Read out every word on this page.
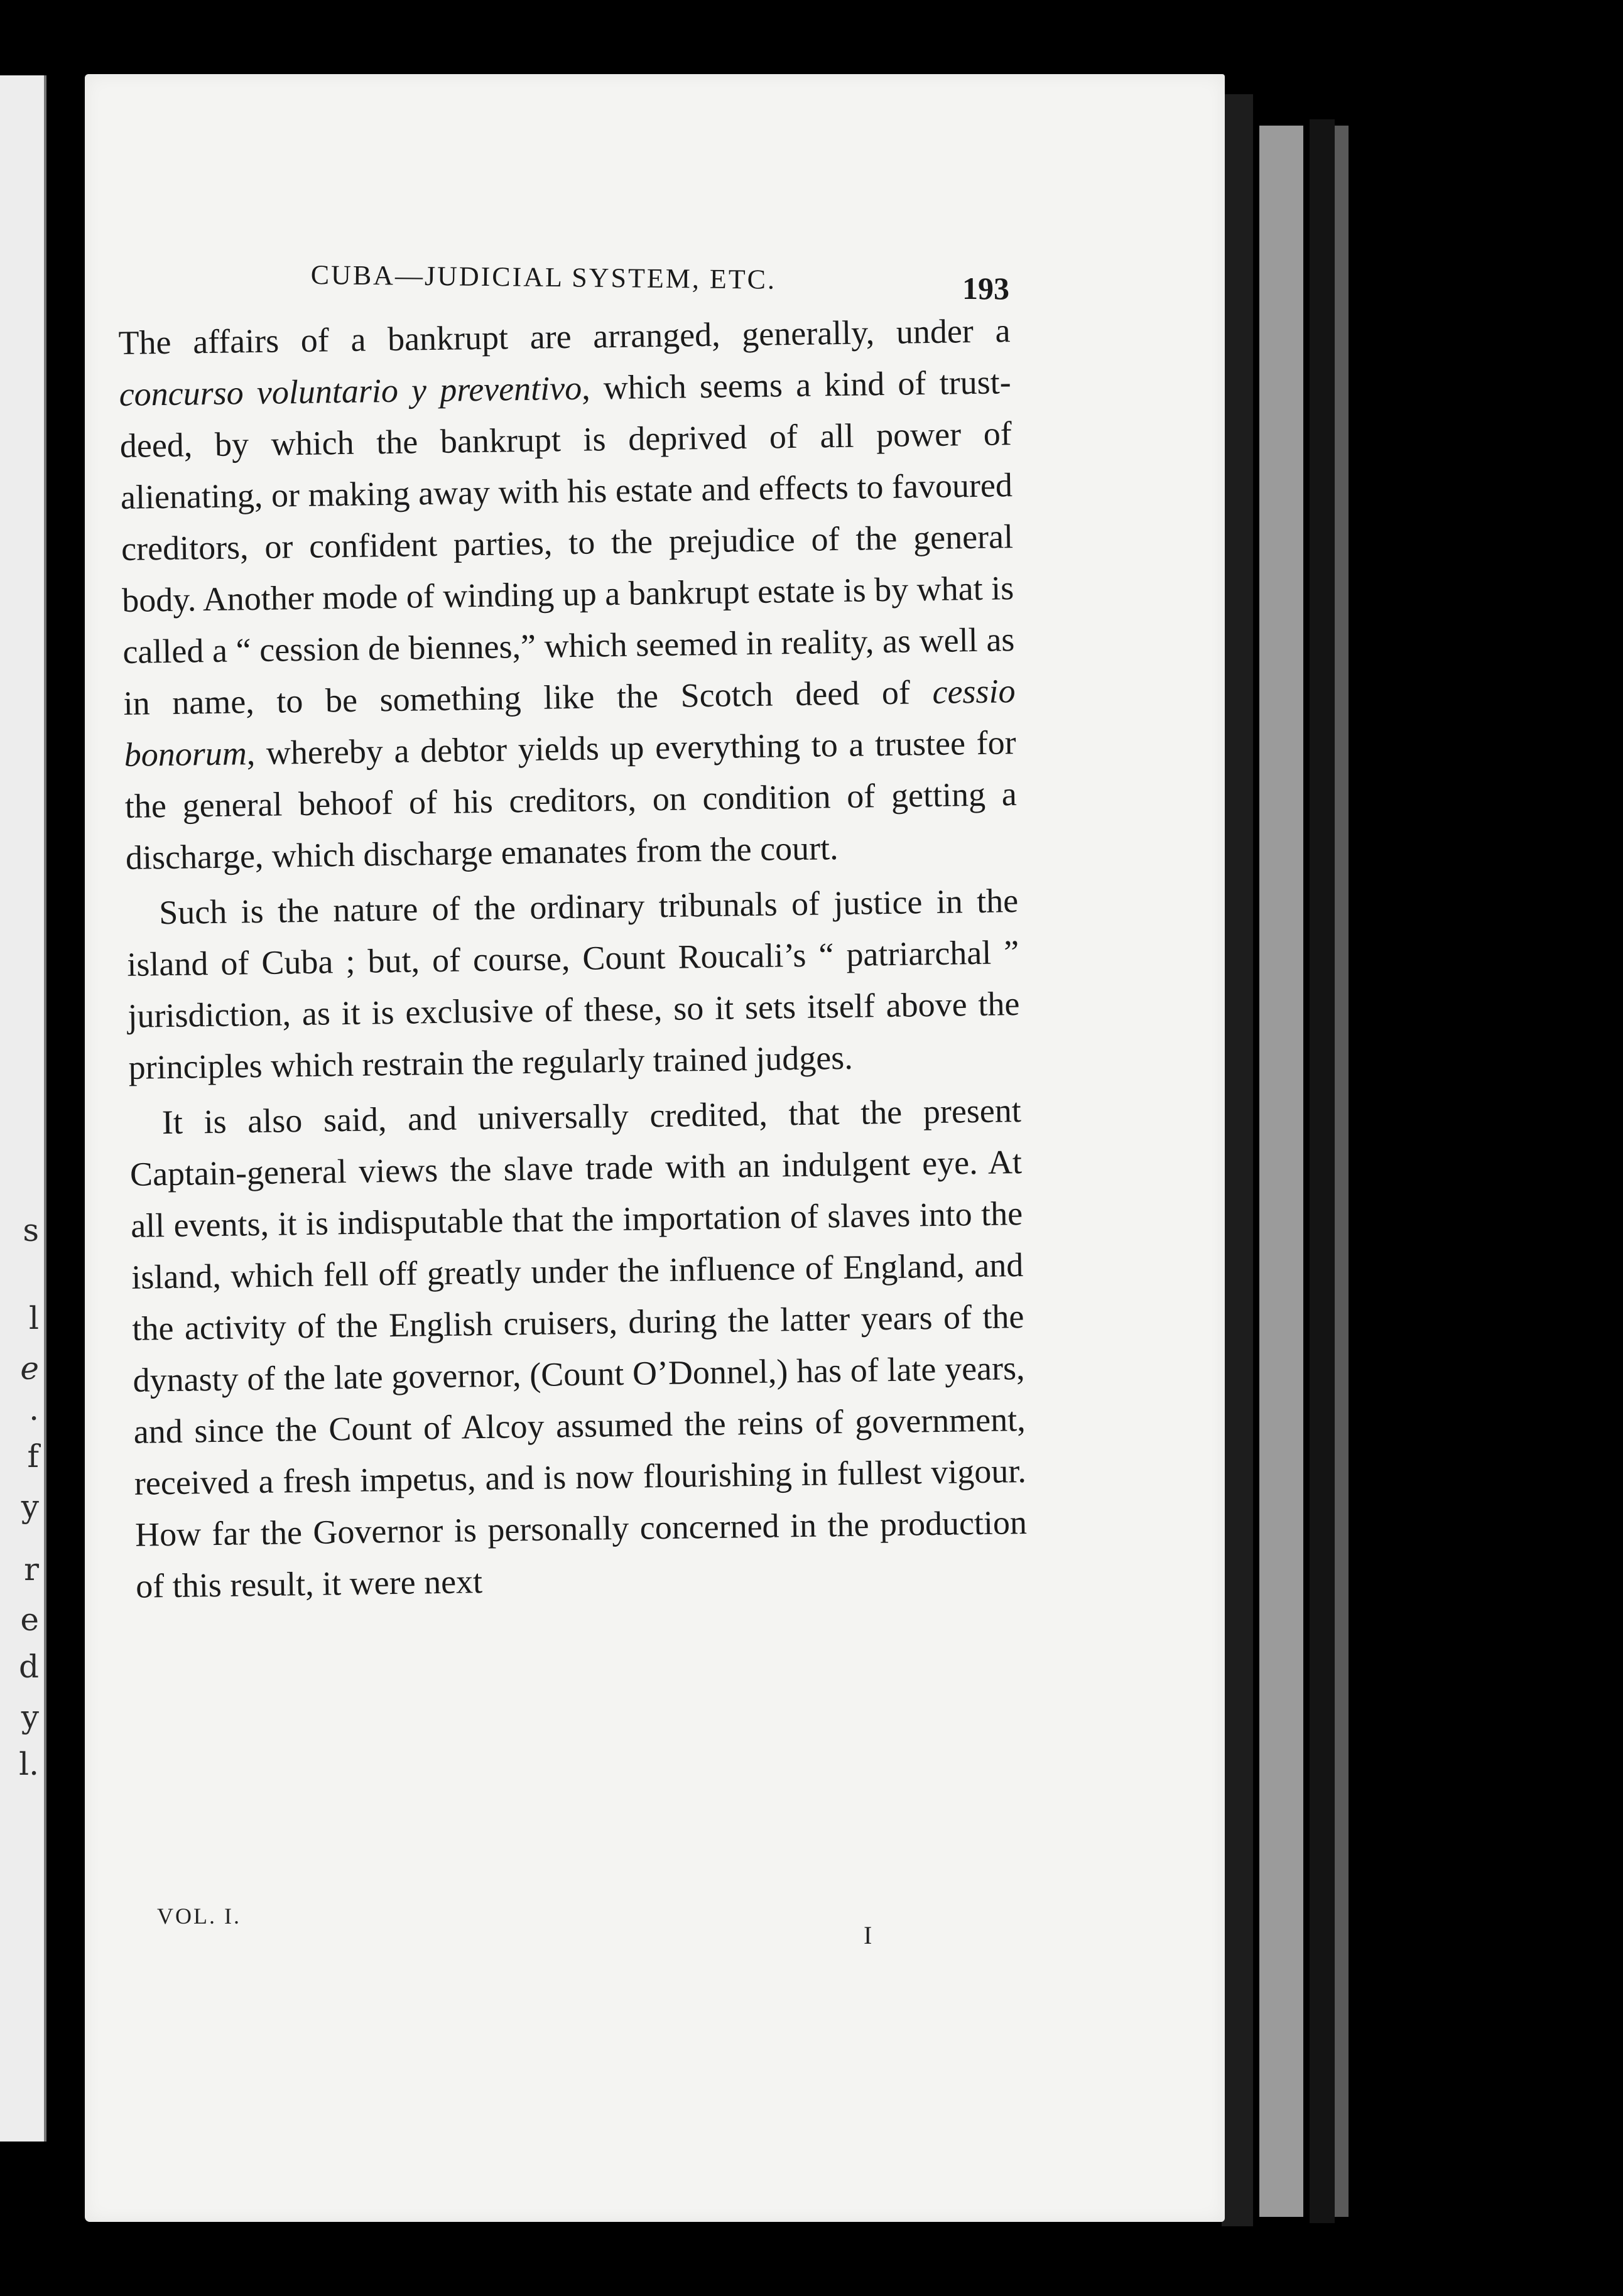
s
l
e
.
f
y
r
e
d
y
l.
CUBA—JUDICIAL SYSTEM, ETC.	193

The affairs of a bankrupt are arranged, generally, under a concurso voluntario y preventivo, which seems a kind of trust-deed, by which the bankrupt is deprived of all power of alienating, or making away with his estate and effects to favoured creditors, or confident parties, to the prejudice of the general body. Another mode of winding up a bankrupt estate is by what is called a “ cession de biennes,” which seemed in reality, as well as in name, to be something like the Scotch deed of cessio bonorum, whereby a debtor yields up everything to a trustee for the general behoof of his creditors, on condition of getting a discharge, which discharge emanates from the court.

Such is the nature of the ordinary tribunals of justice in the island of Cuba ; but, of course, Count Roucali’s “ patriarchal ” jurisdiction, as it is exclusive of these, so it sets itself above the principles which restrain the regularly trained judges.

It is also said, and universally credited, that the present Captain-general views the slave trade with an indulgent eye. At all events, it is indisputable that the importation of slaves into the island, which fell off greatly under the influence of England, and the activity of the English cruisers, during the latter years of the dynasty of the late governor, (Count O’Donnel,) has of late years, and since the Count of Alcoy assumed the reins of government, received a fresh impetus, and is now flourishing in fullest vigour. How far the Governor is personally concerned in the production of this result, it were next

VOL. I.
I
